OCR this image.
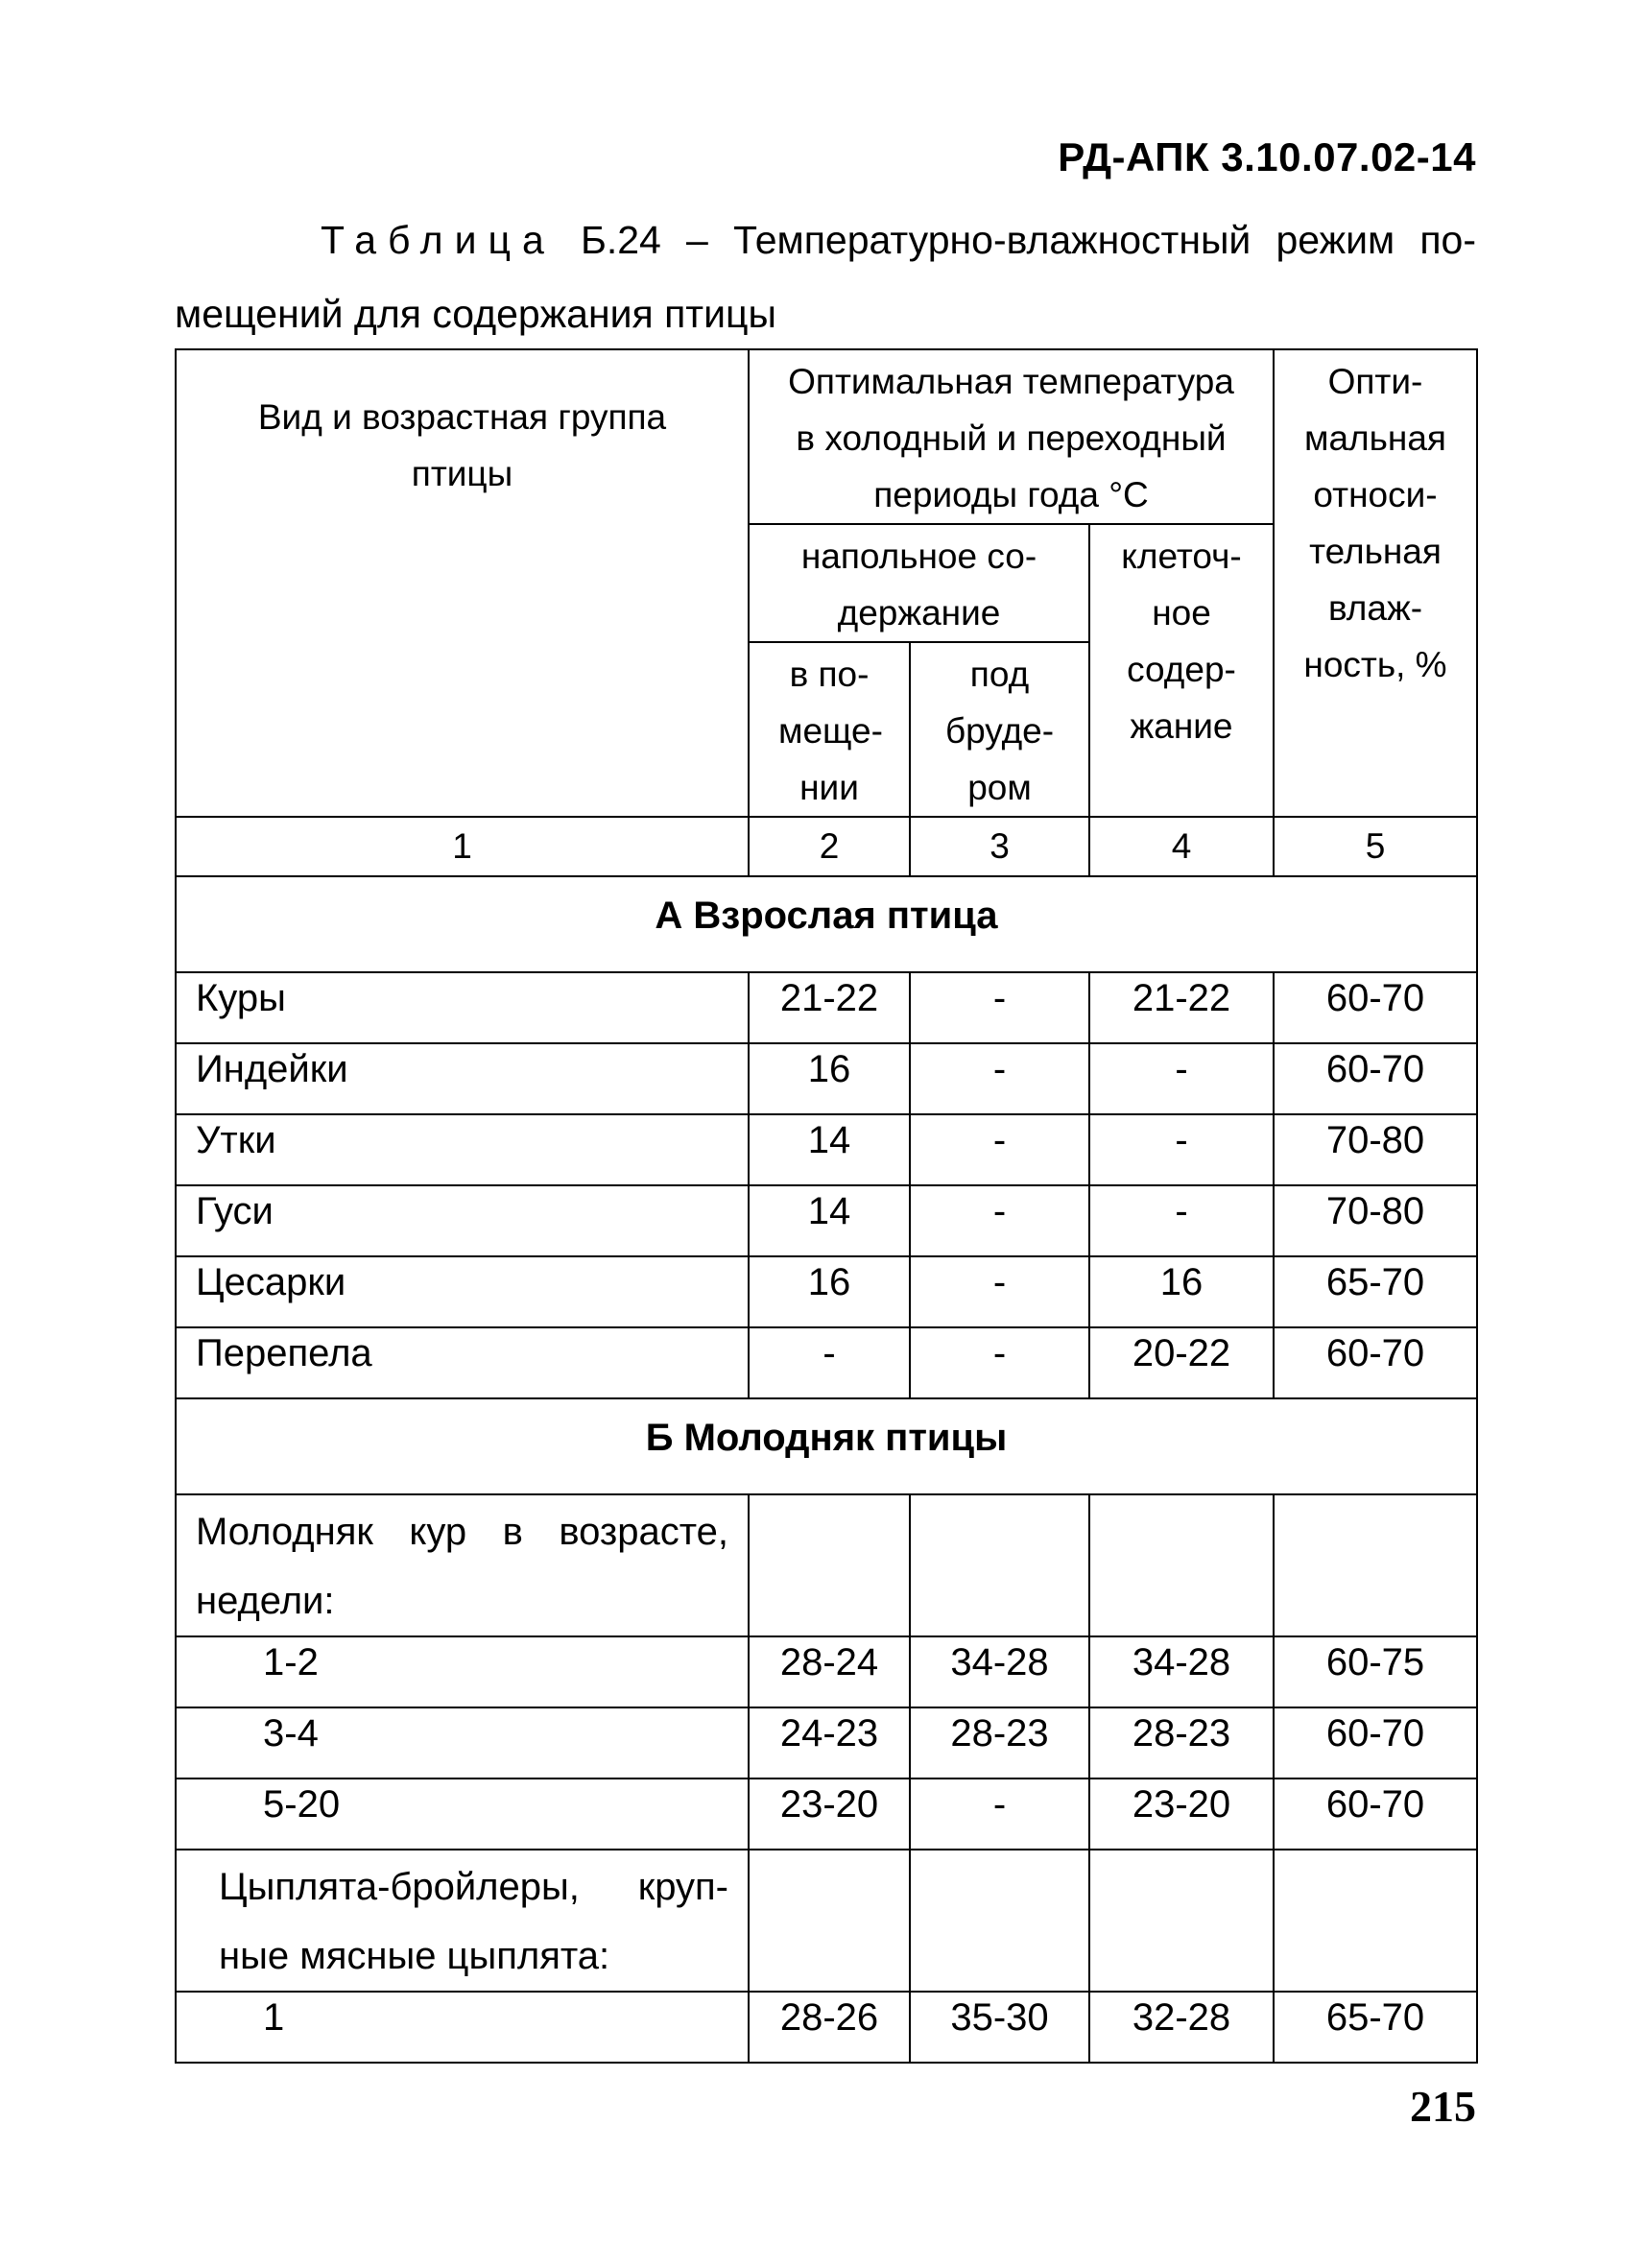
РД-АПК 3.10.07.02-14
Таблица Б.24 – Температурно-влажностный режим по-
мещений для содержания птицы
Вид и возрастная группа птицы	Оптимальная температура в холодный и переходный периоды года °С			Опти-мальная относи-тельная влаж-ность, %

	напольное со-держание		клеточ-ное содер-жание	

	в по-меще-нии	под бруде-ром		

1	2	3	4	5
А Взрослая птица				
Куры	21-22	-	21-22	60-70
Индейки	16	-	-	60-70
Утки	14	-	-	70-80
Гуси	14	-	-	70-80
Цесарки	16	-	16	65-70
Перепела	-	-	20-22	60-70
Б Молодняк птицы				
Молодняк кур в возрасте, недели:				
1-2	28-24	34-28	34-28	60-75
3-4	24-23	28-23	28-23	60-70
5-20	23-20	-	23-20	60-70
Цыплята-бройлеры, круп-ные мясные цыплята:				
1	28-26	35-30	32-28	65-70
215
